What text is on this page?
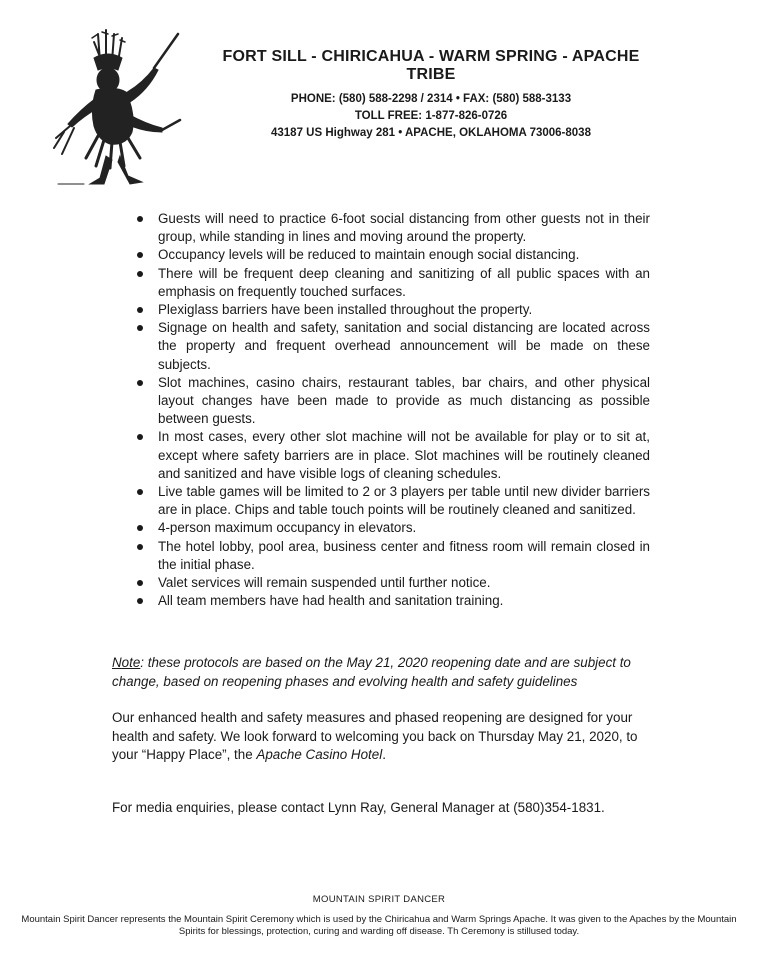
FORT SILL - CHIRICAHUA - WARM SPRING - APACHE TRIBE
PHONE: (580) 588-2298 / 2314 • FAX: (580) 588-3133
TOLL FREE: 1-877-826-0726
43187 US Highway 281 • APACHE, OKLAHOMA 73006-8038
Guests will need to practice 6-foot social distancing from other guests not in their group, while standing in lines and moving around the property.
Occupancy levels will be reduced to maintain enough social distancing.
There will be frequent deep cleaning and sanitizing of all public spaces with an emphasis on frequently touched surfaces.
Plexiglass barriers have been installed throughout the property.
Signage on health and safety, sanitation and social distancing are located across the property and frequent overhead announcement will be made on these subjects.
Slot machines, casino chairs, restaurant tables, bar chairs, and other physical layout changes have been made to provide as much distancing as possible between guests.
In most cases, every other slot machine will not be available for play or to sit at, except where safety barriers are in place. Slot machines will be routinely cleaned and sanitized and have visible logs of cleaning schedules.
Live table games will be limited to 2 or 3 players per table until new divider barriers are in place. Chips and table touch points will be routinely cleaned and sanitized.
4-person maximum occupancy in elevators.
The hotel lobby, pool area, business center and fitness room will remain closed in the initial phase.
Valet services will remain suspended until further notice.
All team members have had health and sanitation training.
Note: these protocols are based on the May 21, 2020 reopening date and are subject to change, based on reopening phases and evolving health and safety guidelines
Our enhanced health and safety measures and phased reopening are designed for your health and safety. We look forward to welcoming you back on Thursday May 21, 2020, to your “Happy Place”, the Apache Casino Hotel.
For media enquiries, please contact Lynn Ray, General Manager at (580)354-1831.
MOUNTAIN SPIRIT DANCER
Mountain Spirit Dancer represents the Mountain Spirit Ceremony which is used by the Chiricahua and Warm Springs Apache. It was given to the Apaches by the Mountain Spirits for blessings, protection, curing and warding off disease. Th Ceremony is stillused today.
